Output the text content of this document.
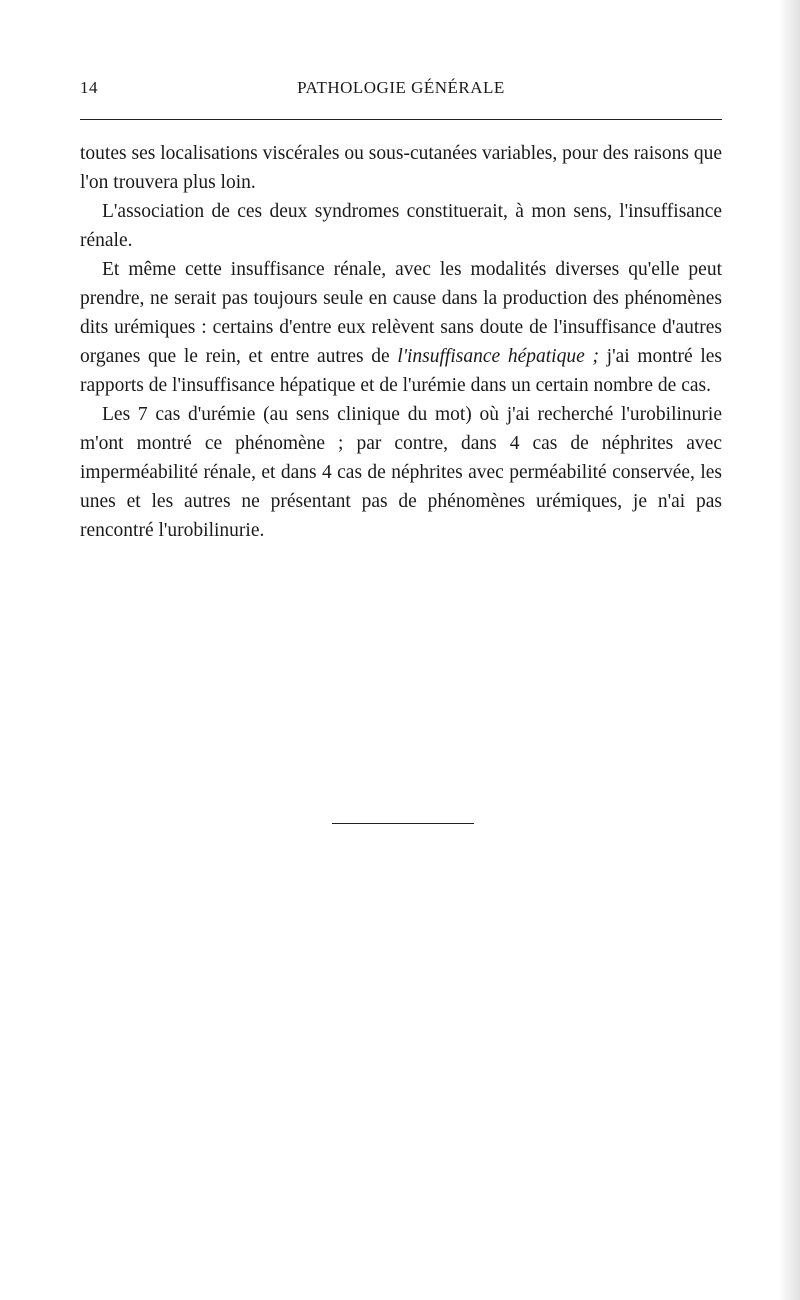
14	PATHOLOGIE GÉNÉRALE

toutes ses localisations viscérales ou sous-cutanées variables, pour des raisons que l'on trouvera plus loin.

L'association de ces deux syndromes constituerait, à mon sens, l'insuffisance rénale.

Et même cette insuffisance rénale, avec les modalités diverses qu'elle peut prendre, ne serait pas toujours seule en cause dans la production des phénomènes dits urémiques : certains d'entre eux relèvent sans doute de l'insuffisance d'autres organes que le rein, et entre autres de l'insuffisance hépatique ; j'ai montré les rapports de l'insuffisance hépatique et de l'urémie dans un certain nombre de cas.

Les 7 cas d'urémie (au sens clinique du mot) où j'ai recherché l'urobilinurie m'ont montré ce phénomène ; par contre, dans 4 cas de néphrites avec imperméabilité rénale, et dans 4 cas de néphrites avec perméabilité conservée, les unes et les autres ne présentant pas de phénomènes urémiques, je n'ai pas rencontré l'urobilinurie.
